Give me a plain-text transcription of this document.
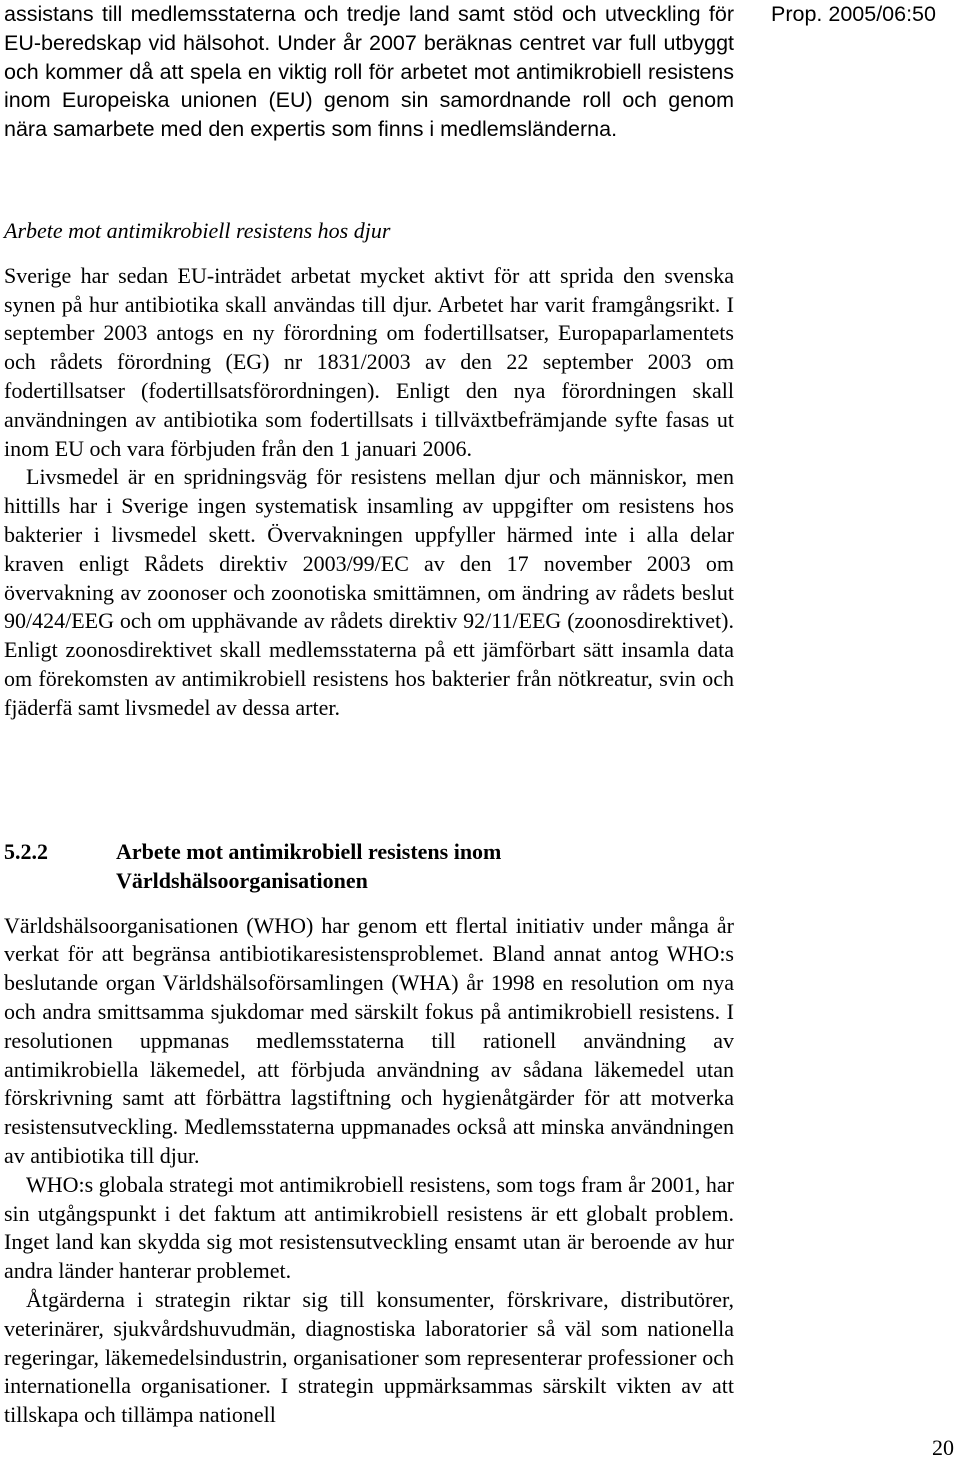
Prop. 2005/06:50

assistans till medlemsstaterna och tredje land samt stöd och utveckling för EU-beredskap vid hälsohot. Under år 2007 beräknas centret var full utbyggt och kommer då att spela en viktig roll för arbetet mot antimikrobiell resistens inom Europeiska unionen (EU) genom sin samordnande roll och genom nära samarbete med den expertis som finns i medlemsländerna.

Arbete mot antimikrobiell resistens hos djur

Sverige har sedan EU-inträdet arbetat mycket aktivt för att sprida den svenska synen på hur antibiotika skall användas till djur. Arbetet har varit framgångsrikt. I september 2003 antogs en ny förordning om fodertillsatser, Europaparlamentets och rådets förordning (EG) nr 1831/2003 av den 22 september 2003 om fodertillsatser (fodertillsatsförordningen). Enligt den nya förordningen skall användningen av antibiotika som fodertillsats i tillväxtbefrämjande syfte fasas ut inom EU och vara förbjuden från den 1 januari 2006.

Livsmedel är en spridningsväg för resistens mellan djur och människor, men hittills har i Sverige ingen systematisk insamling av uppgifter om resistens hos bakterier i livsmedel skett. Övervakningen uppfyller härmed inte i alla delar kraven enligt Rådets direktiv 2003/99/EC av den 17 november 2003 om övervakning av zoonoser och zoonotiska smittämnen, om ändring av rådets beslut 90/424/EEG och om upphävande av rådets direktiv 92/11/EEG (zoonosdirektivet). Enligt zoonosdirektivet skall medlemsstaterna på ett jämförbart sätt insamla data om förekomsten av antimikrobiell resistens hos bakterier från nötkreatur, svin och fjäderfä samt livsmedel av dessa arter.

5.2.2	Arbete mot antimikrobiell resistens inom
Världshälsoorganisationen

Världshälsoorganisationen (WHO) har genom ett flertal initiativ under många år verkat för att begränsa antibiotikaresistensproblemet. Bland annat antog WHO:s beslutande organ Världshälsoförsamlingen (WHA) år 1998 en resolution om nya och andra smittsamma sjukdomar med särskilt fokus på antimikrobiell resistens. I resolutionen uppmanas medlemsstaterna till rationell användning av antimikrobiella läkemedel, att förbjuda användning av sådana läkemedel utan förskrivning samt att förbättra lagstiftning och hygienåtgärder för att motverka resistensutveckling. Medlemsstaterna uppmanades också att minska användningen av antibiotika till djur.

WHO:s globala strategi mot antimikrobiell resistens, som togs fram år 2001, har sin utgångspunkt i det faktum att antimikrobiell resistens är ett globalt problem. Inget land kan skydda sig mot resistensutveckling ensamt utan är beroende av hur andra länder hanterar problemet.

Åtgärderna i strategin riktar sig till konsumenter, förskrivare, distributörer, veterinärer, sjukvårdshuvudmän, diagnostiska laboratorier så väl som nationella regeringar, läkemedelsindustrin, organisationer som representerar professioner och internationella organisationer. I strategin uppmärksammas särskilt vikten av att tillskapa och tillämpa nationell

20
